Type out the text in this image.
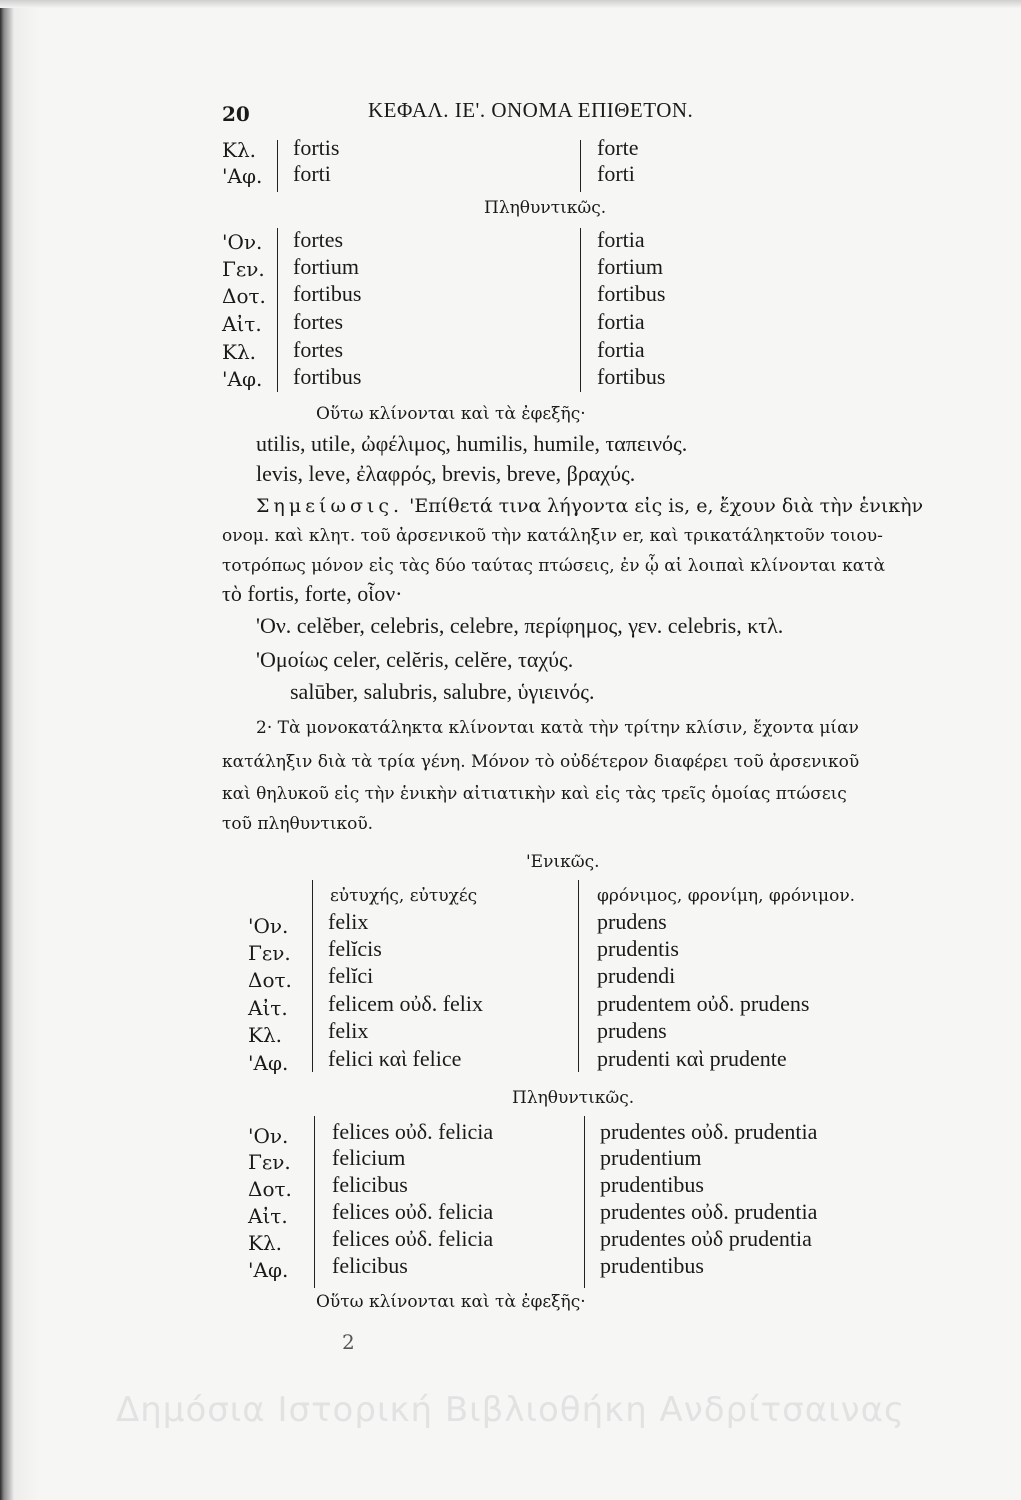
20	ΚΕΦΑΛ. ΙΕ'. ΟΝΟΜΑ ΕΠΙΘΕΤΟΝ.
Κλ. fortis	forte
'Αφ. forti	forti
Πληθυντικῶς.
'Ον. fortes	fortia
Γεν. fortium	fortium
Δοτ. fortibus	fortibus
Αἰτ. fortes	fortia
Κλ. fortes	fortia
'Αφ. fortibus	fortibus
Οὕτω κλίνονται καὶ τὰ ἐφεξῆς·
utilis, utile, ὠφέλιμος, humilis, humile, ταπεινός.
levis, leve, ἐλαφρός, brevis, breve, βραχύς.
Σημείωσις. 'Επίθετά τινα λήγοντα εἰς is, e, ἔχουν διὰ τὴν ἑνικὴν
ονομ. καὶ κλητ. τοῦ ἀρσενικοῦ τὴν κατάληξιν er, καὶ τρικατάληκτοῦν τοιου-
τοτρόπως μόνον εἰς τὰς δύο ταύτας πτώσεις, ἐν ᾧ αἱ λοιπαὶ κλίνονται κατὰ
τὸ fortis, forte, οἷον·
'Ον. celĕber, celebris, celebre, περίφημος, γεν. celebris, κτλ.
'Ομοίως celer, celĕris, celĕre, ταχύς.
salūber, salubris, salubre, ὑγιεινός.
2· Τὰ μονοκατάληκτα κλίνονται κατὰ τὴν τρίτην κλίσιν, ἔχοντα μίαν
κατάληξιν διὰ τὰ τρία γένη. Μόνον τὸ οὐδέτερον διαφέρει τοῦ ἀρσενικοῦ
καὶ θηλυκοῦ εἰς τὴν ἑνικὴν αἰτιατικὴν καὶ εἰς τὰς τρεῖς ὁμοίας πτώσεις
τοῦ πληθυντικοῦ.
'Ενικῶς.
εὐτυχής, εὐτυχές	φρόνιμος, φρονίμη, φρόνιμον.
'Ον. felix	prudens
Γεν. felĭcis	prudentis
Δοτ. felĭci	prudendi
Αἰτ. felicem οὐδ. felix	prudentem οὐδ. prudens
Κλ. felix	prudens
'Αφ. felici καὶ felice	prudenti καὶ prudente
Πληθυντικῶς.
'Ον. felices οὐδ. felicia	prudentes οὐδ. prudentia
Γεν. felicium	prudentium
Δοτ. felicibus	prudentibus
Αἰτ. felices οὐδ. felicia	prudentes οὐδ. prudentia
Κλ. felices οὐδ. felicia	prudentes οὐδ prudentia
'Αφ. felicibus	prudentibus
Οὕτω κλίνονται καὶ τὰ ἐφεξῆς·
2
Δημόσια Ιστορική Βιβλιοθήκη Ανδρίτσαινας
